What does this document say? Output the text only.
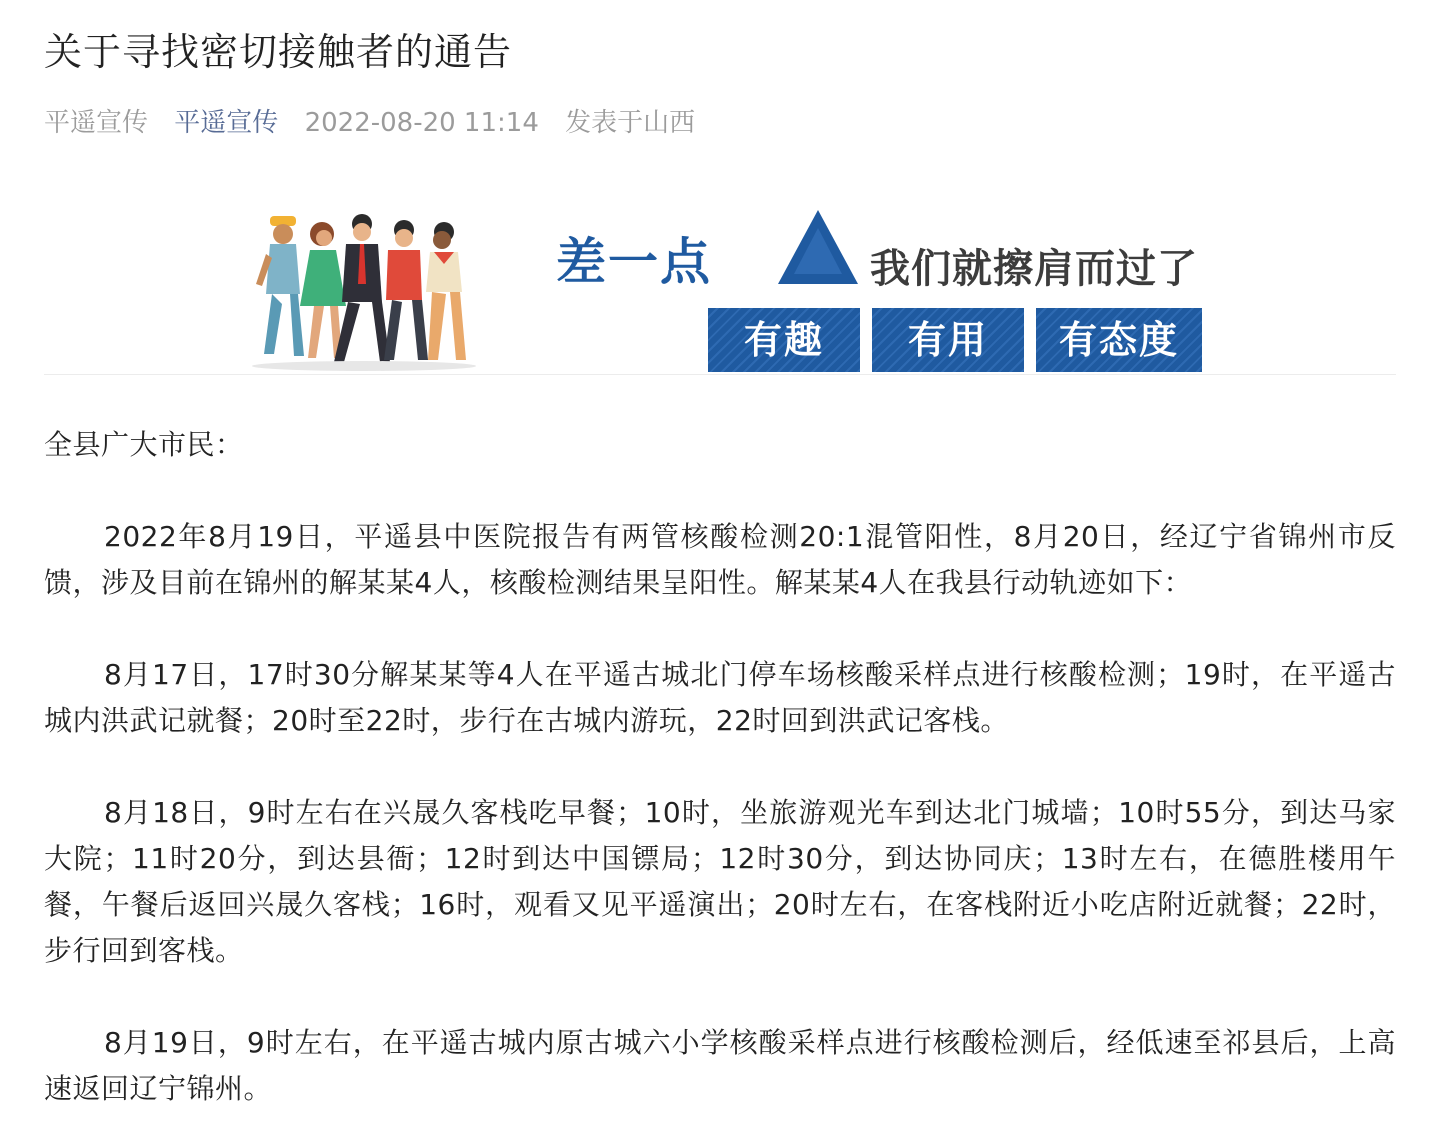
关于寻找密切接触者的通告
平遥宣传 平遥宣传 2022-08-20 11:14 发表于山西
差一点	我们就擦肩而过了
有趣	有用	有态度

全县广大市民：

2022年8月19日，平遥县中医院报告有两管核酸检测20:1混管阳性，8月20日，经辽宁省锦州市反馈，涉及目前在锦州的解某某4人，核酸检测结果呈阳性。解某某4人在我县行动轨迹如下：

8月17日，17时30分解某某等4人在平遥古城北门停车场核酸采样点进行核酸检测；19时，在平遥古城内洪武记就餐；20时至22时，步行在古城内游玩，22时回到洪武记客栈。

8月18日，9时左右在兴晟久客栈吃早餐；10时，坐旅游观光车到达北门城墙；10时55分，到达马家大院；11时20分，到达县衙；12时到达中国镖局；12时30分，到达协同庆；13时左右，在德胜楼用午餐，午餐后返回兴晟久客栈；16时，观看又见平遥演出；20时左右，在客栈附近小吃店附近就餐；22时，步行回到客栈。

8月19日，9时左右，在平遥古城内原古城六小学核酸采样点进行核酸检测后，经低速至祁县后，上高速返回辽宁锦州。
